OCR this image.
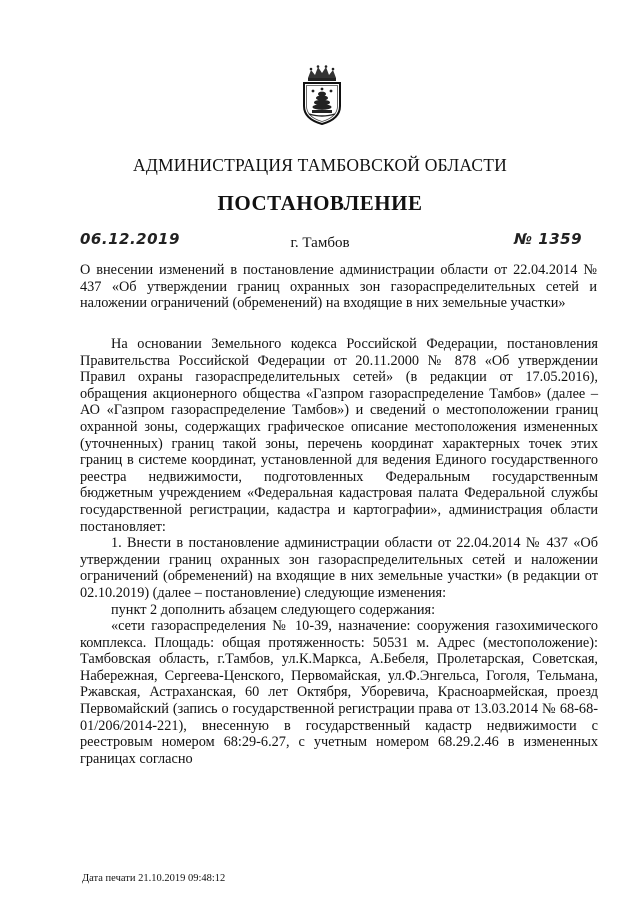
АДМИНИСТРАЦИЯ ТАМБОВСКОЙ ОБЛАСТИ
ПОСТАНОВЛЕНИЕ
06.12.2019	г. Тамбов	№ 1359
О внесении изменений в постановление администрации области от 22.04.2014 № 437 «Об утверждении границ охранных зон газораспределительных сетей и наложении ограничений (обременений) на входящие в них земельные участки»

На основании Земельного кодекса Российской Федерации, постановления Правительства Российской Федерации от 20.11.2000 № 878 «Об утверждении Правил охраны газораспределительных сетей» (в редакции от 17.05.2016), обращения акционерного общества «Газпром газораспределение Тамбов» (далее – АО «Газпром газораспределение Тамбов») и сведений о местоположении границ охранной зоны, содержащих графическое описание местоположения измененных (уточненных) границ такой зоны, перечень координат характерных точек этих границ в системе координат, установленной для ведения Единого государственного реестра недвижимости, подготовленных Федеральным государственным бюджетным учреждением «Федеральная кадастровая палата Федеральной службы государственной регистрации, кадастра и картографии», администрация области постановляет:

1. Внести в постановление администрации области от 22.04.2014 № 437 «Об утверждении границ охранных зон газораспределительных сетей и наложении ограничений (обременений) на входящие в них земельные участки» (в редакции от 02.10.2019) (далее – постановление) следующие изменения:

пункт 2 дополнить абзацем следующего содержания:

«сети газораспределения № 10-39, назначение: сооружения газохимического комплекса. Площадь: общая протяженность: 50531 м. Адрес (местоположение): Тамбовская область, г.Тамбов, ул.К.Маркса, А.Бебеля, Пролетарская, Советская, Набережная, Сергеева-Ценского, Первомайская, ул.Ф.Энгельса, Гоголя, Тельмана, Ржавская, Астраханская, 60 лет Октября, Уборевича, Красноармейская, проезд Первомайский (запись о государственной регистрации права от 13.03.2014 № 68-68-01/206/2014-221), внесенную в государственный кадастр недвижимости с реестровым номером 68:29-6.27, с учетным номером 68.29.2.46 в измененных границах согласно

Дата печати 21.10.2019 09:48:12
